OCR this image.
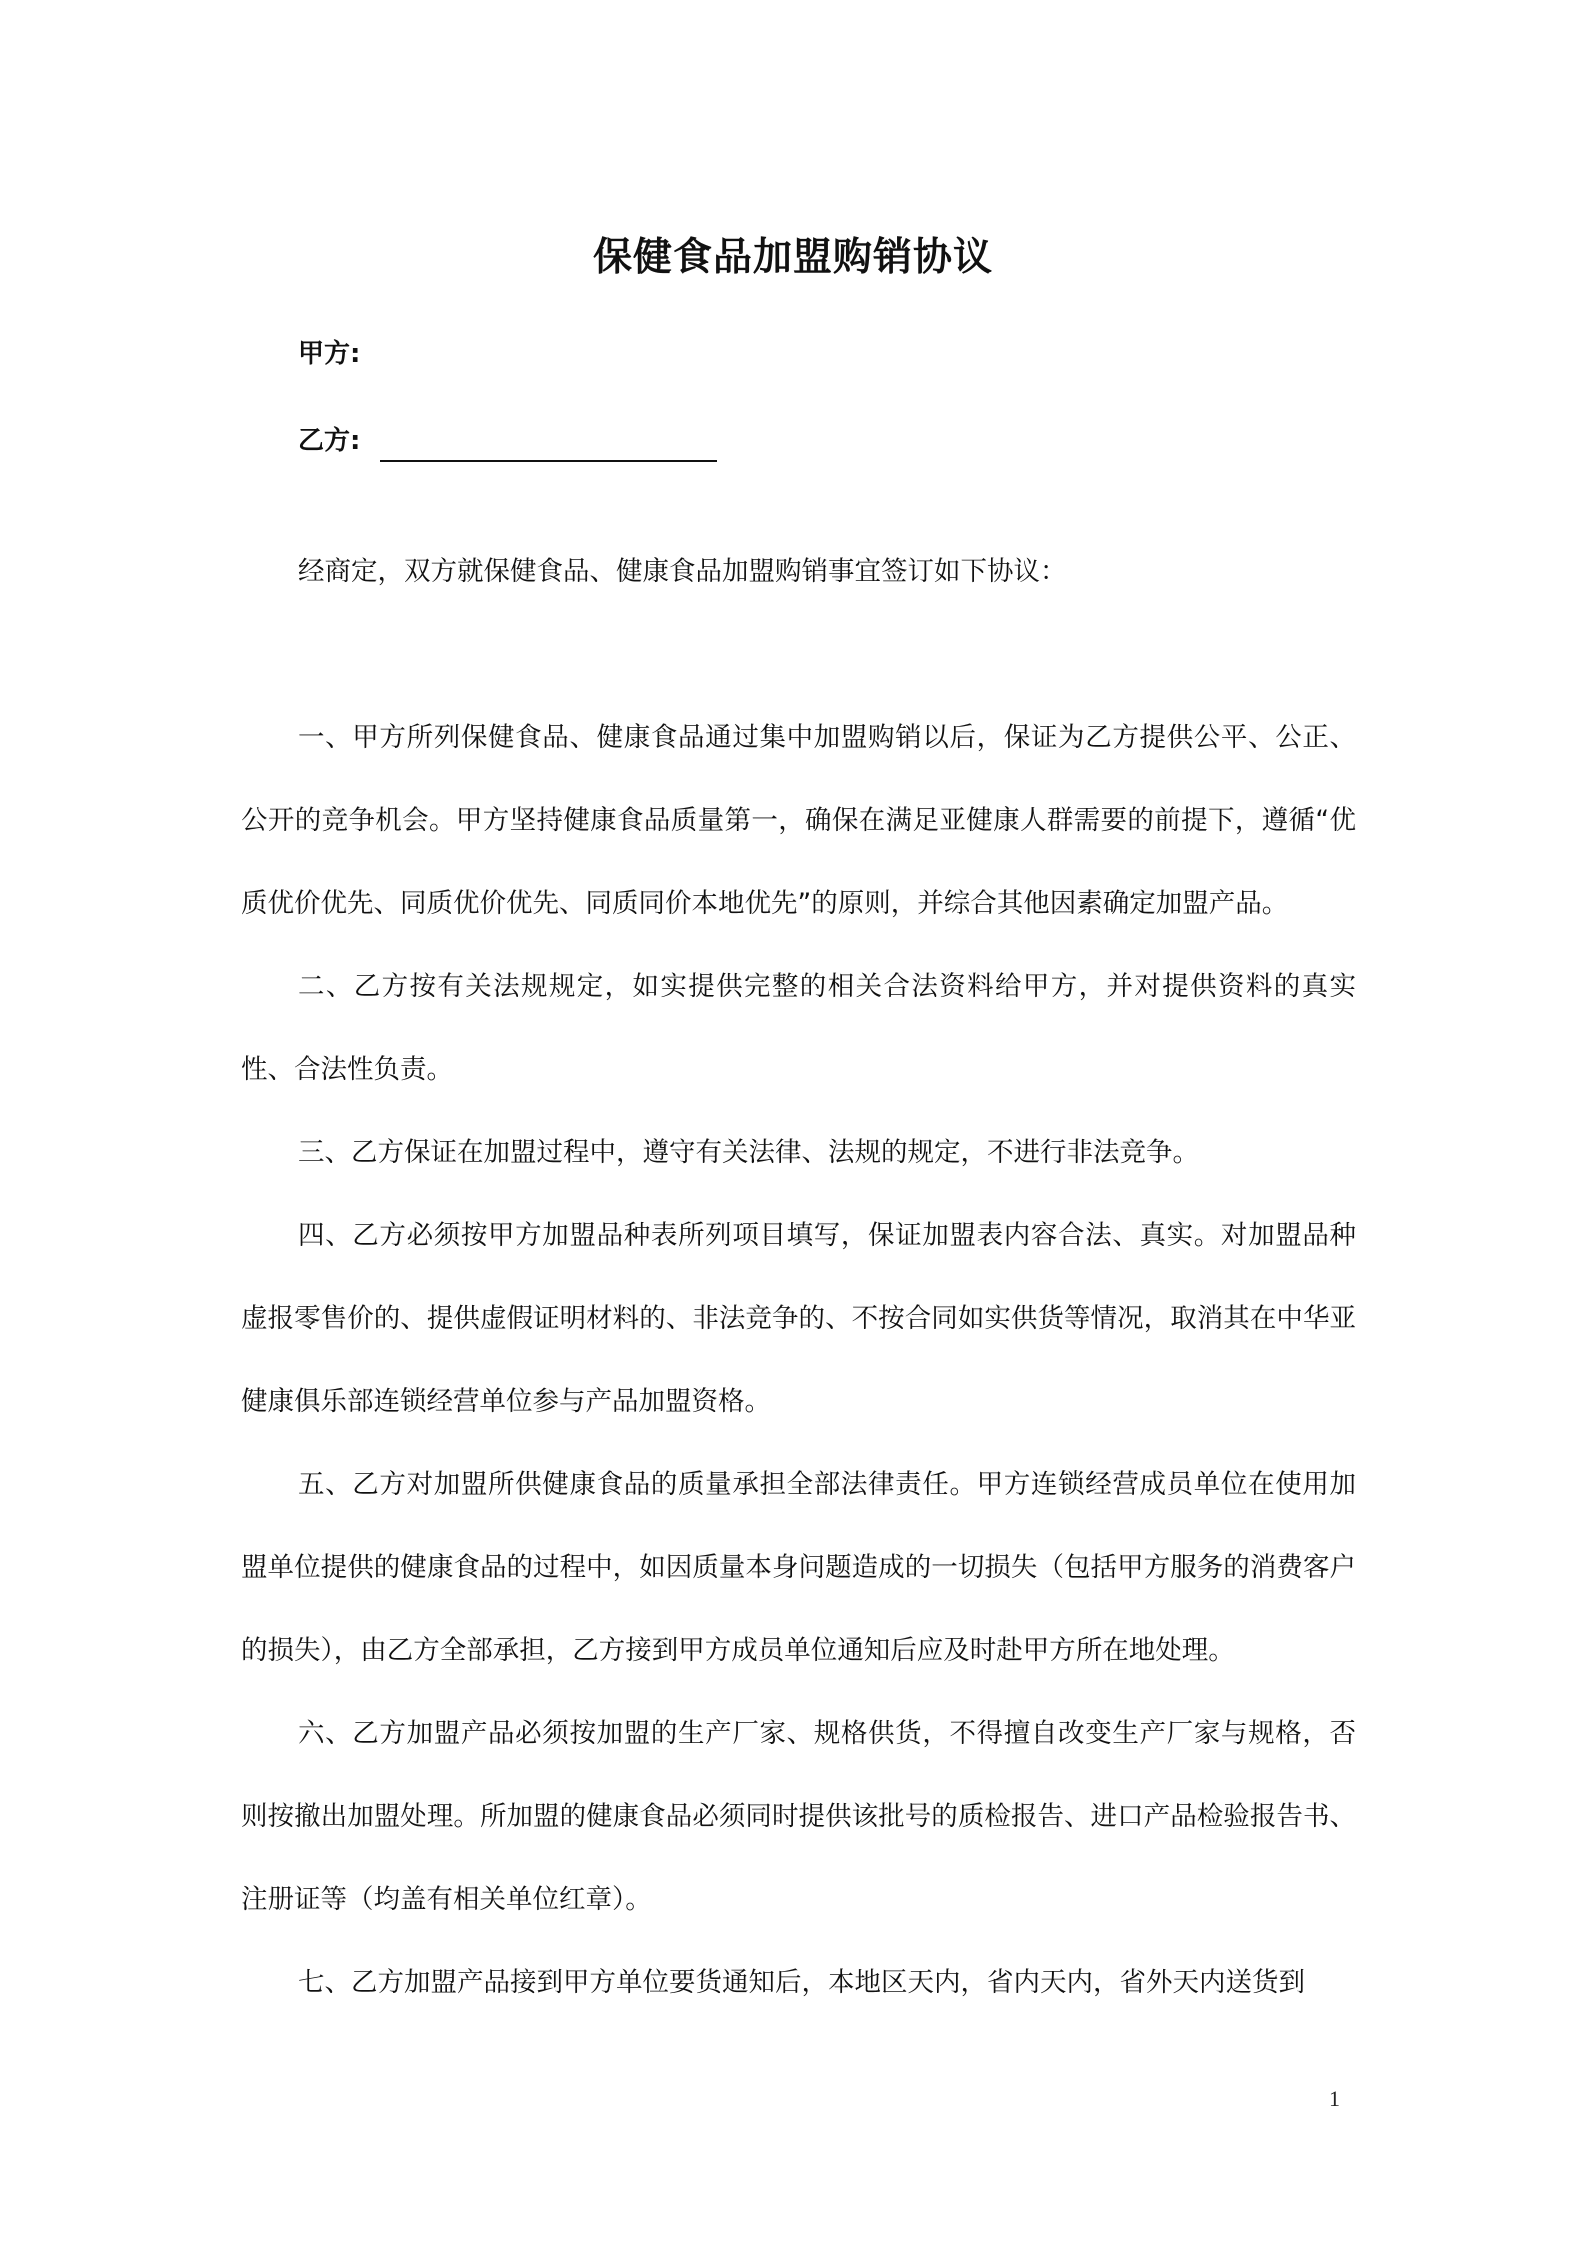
保健食品加盟购销协议
甲方:
乙方:

经商定，双方就保健食品、健康食品加盟购销事宜签订如下协议：

一、甲方所列保健食品、健康食品通过集中加盟购销以后，保证为乙方提供公平、公正、公开的竞争机会。甲方坚持健康食品质量第一，确保在满足亚健康人群需要的前提下，遵循“优质优价优先、同质优价优先、同质同价本地优先”的原则，并综合其他因素确定加盟产品。

二、乙方按有关法规规定，如实提供完整的相关合法资料给甲方，并对提供资料的真实性、合法性负责。

三、乙方保证在加盟过程中，遵守有关法律、法规的规定，不进行非法竞争。

四、乙方必须按甲方加盟品种表所列项目填写，保证加盟表内容合法、真实。对加盟品种虚报零售价的、提供虚假证明材料的、非法竞争的、不按合同如实供货等情况，取消其在中华亚健康俱乐部连锁经营单位参与产品加盟资格。

五、乙方对加盟所供健康食品的质量承担全部法律责任。甲方连锁经营成员单位在使用加盟单位提供的健康食品的过程中，如因质量本身问题造成的一切损失（包括甲方服务的消费客户的损失），由乙方全部承担，乙方接到甲方成员单位通知后应及时赴甲方所在地处理。

六、乙方加盟产品必须按加盟的生产厂家、规格供货，不得擅自改变生产厂家与规格，否则按撤出加盟处理。所加盟的健康食品必须同时提供该批号的质检报告、进口产品检验报告书、注册证等（均盖有相关单位红章）。

七、乙方加盟产品接到甲方单位要货通知后，本地区天内，省内天内，省外天内送货到

1
